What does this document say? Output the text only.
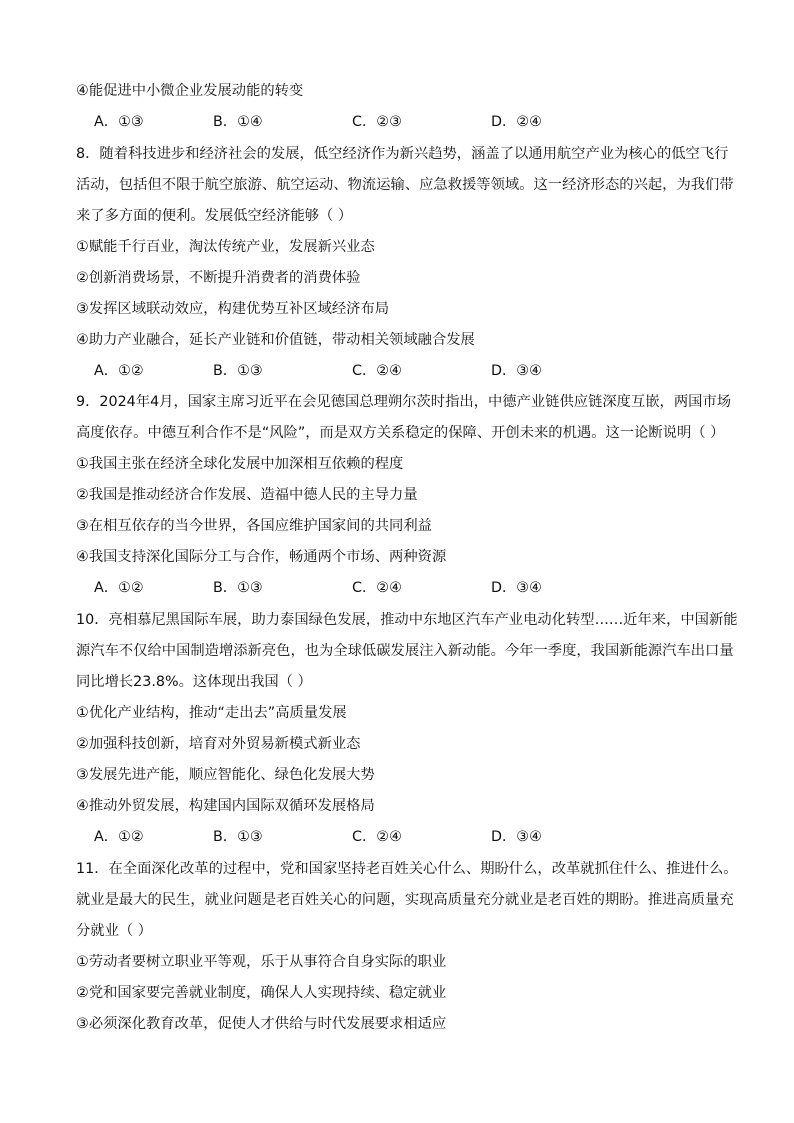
④能促进中小微企业发展动能的转变
A．①③	B．①④	C．②③	D．②④
8．随着科技进步和经济社会的发展，低空经济作为新兴趋势，涵盖了以通用航空产业为核心的低空飞行
活动，包括但不限于航空旅游、航空运动、物流运输、应急救援等领域。这一经济形态的兴起，为我们带
来了多方面的便利。发展低空经济能够（ ）
①赋能千行百业，淘汰传统产业，发展新兴业态
②创新消费场景，不断提升消费者的消费体验
③发挥区域联动效应，构建优势互补区域经济布局
④助力产业融合，延长产业链和价值链，带动相关领域融合发展
A．①②	B．①③	C．②④	D．③④
9．2024年4月，国家主席习近平在会见德国总理朔尔茨时指出，中德产业链供应链深度互嵌，两国市场
高度依存。中德互利合作不是“风险”，而是双方关系稳定的保障、开创未来的机遇。这一论断说明（ ）
①我国主张在经济全球化发展中加深相互依赖的程度
②我国是推动经济合作发展、造福中德人民的主导力量
③在相互依存的当今世界，各国应维护国家间的共同利益
④我国支持深化国际分工与合作，畅通两个市场、两种资源
A．①②	B．①③	C．②④	D．③④
10．亮相慕尼黑国际车展，助力泰国绿色发展，推动中东地区汽车产业电动化转型……近年来，中国新能
源汽车不仅给中国制造增添新亮色，也为全球低碳发展注入新动能。今年一季度，我国新能源汽车出口量
同比增长23.8%。这体现出我国（ ）
①优化产业结构，推动“走出去”高质量发展
②加强科技创新，培育对外贸易新模式新业态
③发展先进产能，顺应智能化、绿色化发展大势
④推动外贸发展，构建国内国际双循环发展格局
A．①②	B．①③	C．②④	D．③④
11．在全面深化改革的过程中，党和国家坚持老百姓关心什么、期盼什么，改革就抓住什么、推进什么。
就业是最大的民生，就业问题是老百姓关心的问题，实现高质量充分就业是老百姓的期盼。推进高质量充
分就业（ ）
①劳动者要树立职业平等观，乐于从事符合自身实际的职业
②党和国家要完善就业制度，确保人人实现持续、稳定就业
③必须深化教育改革，促使人才供给与时代发展要求相适应
